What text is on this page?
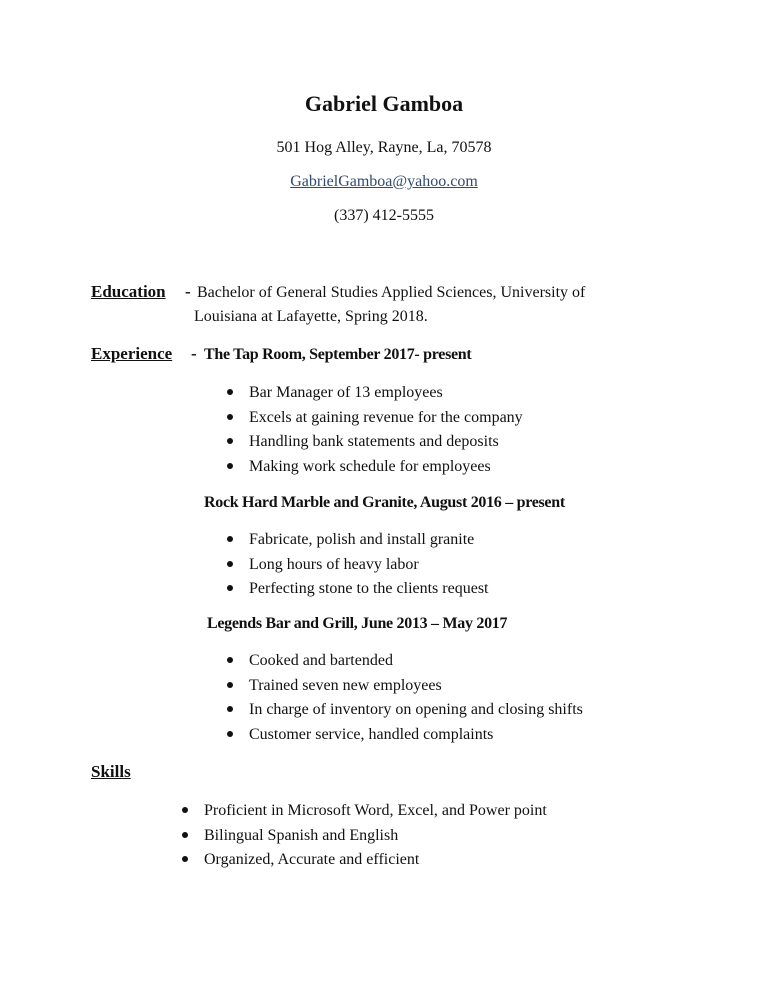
Gabriel Gamboa
501 Hog Alley, Rayne, La, 70578
GabrielGamboa@yahoo.com
(337) 412-5555
Education - Bachelor of General Studies Applied Sciences, University of
Louisiana at Lafayette, Spring 2018.
Experience - The Tap Room, September 2017- present
Bar Manager of 13 employees
Excels at gaining revenue for the company
Handling bank statements and deposits
Making work schedule for employees
Rock Hard Marble and Granite, August 2016 – present
Fabricate, polish and install granite
Long hours of heavy labor
Perfecting stone to the clients request
Legends Bar and Grill, June 2013 – May 2017
Cooked and bartended
Trained seven new employees
In charge of inventory on opening and closing shifts
Customer service, handled complaints
Skills
Proficient in Microsoft Word, Excel, and Power point
Bilingual Spanish and English
Organized, Accurate and efficient
